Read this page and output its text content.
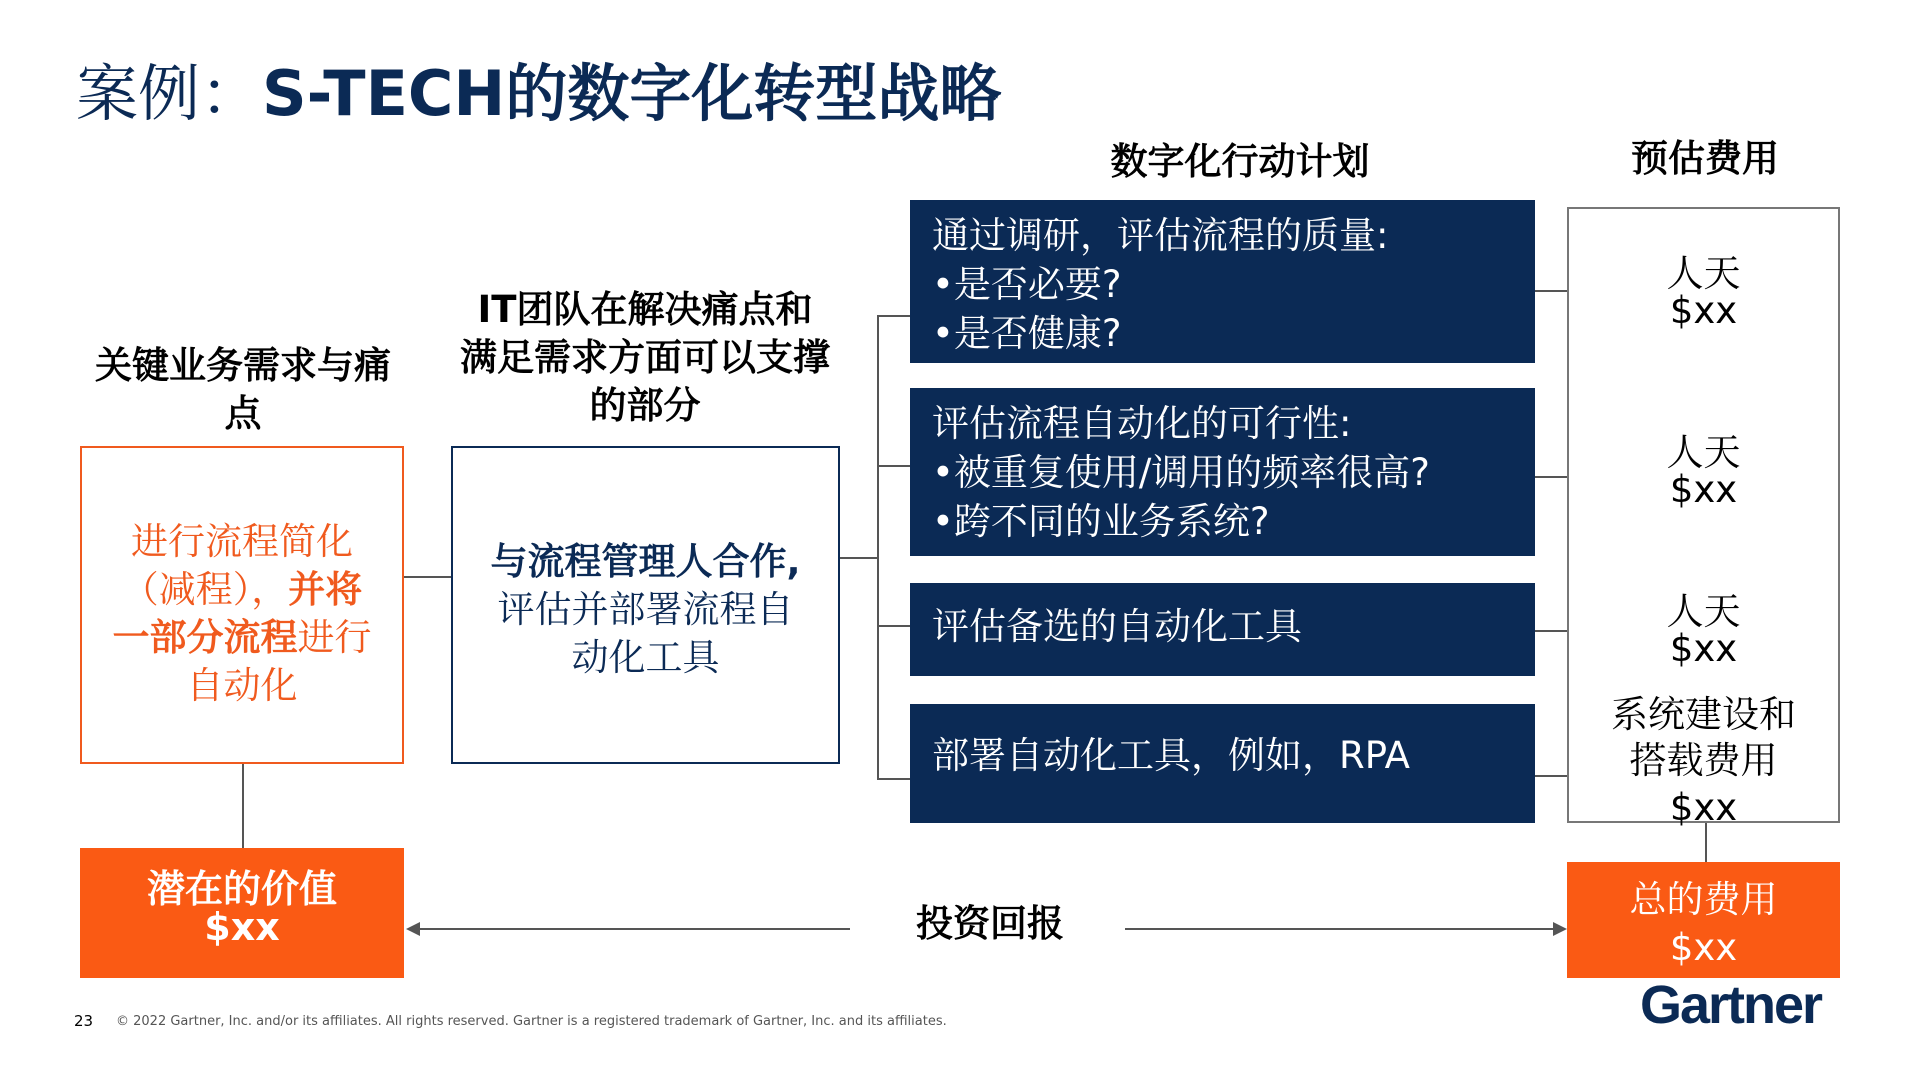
案例：S-TECH的数字化转型战略
关键业务需求与痛点
IT团队在解决痛点和满足需求方面可以支撑的部分
数字化行动计划	预估费用
进行流程简化
（减程），并将
一部分流程进行
自动化
与流程管理人合作,
评估并部署流程自
动化工具
通过调研，评估流程的质量:
•是否必要?
•是否健康?
评估流程自动化的可行性:
•被重复使用/调用的频率很高?
•跨不同的业务系统?
评估备选的自动化工具
部署自动化工具，例如，RPA
人天
$xx
人天
$xx
人天
$xx
系统建设和
搭载费用
$xx
潜在的价值
$xx	投资回报
总的费用
$xx
23 © 2022 Gartner, Inc. and/or its affiliates. All rights reserved. Gartner is a registered trademark of Gartner, Inc. and its affiliates.	Gartner
